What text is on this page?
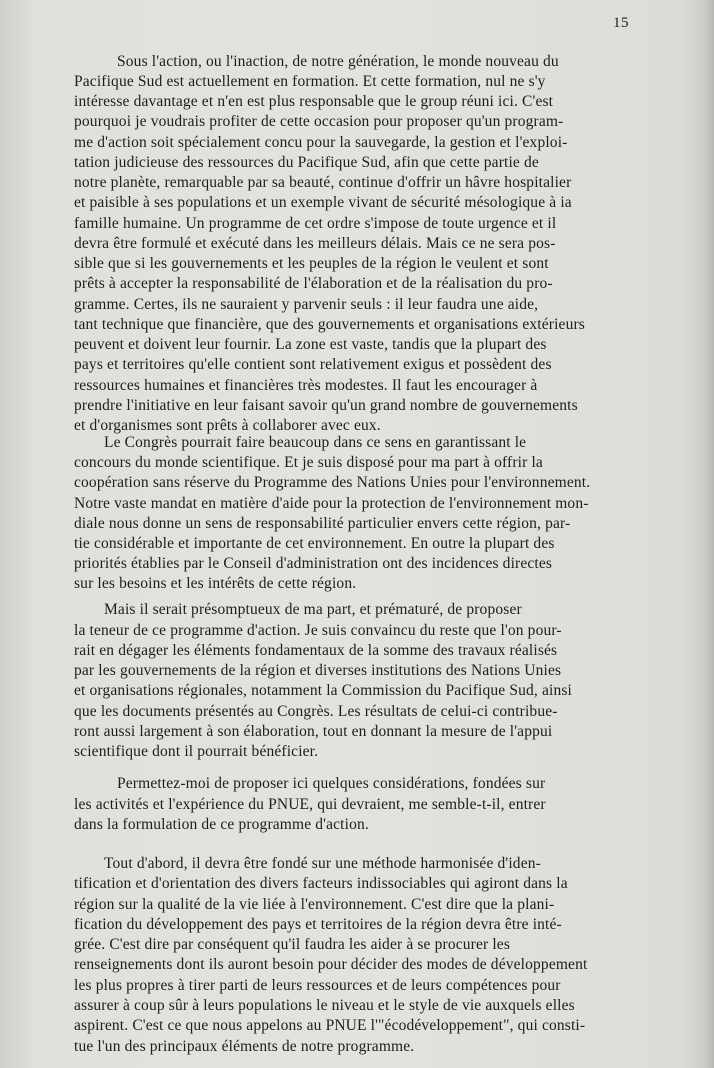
15
Sous l'action, ou l'inaction, de notre génération, le monde nouveau du
Pacifique Sud est actuellement en formation. Et cette formation, nul ne s'y
intéresse davantage et n'en est plus responsable que le group réuni ici. C'est
pourquoi je voudrais profiter de cette occasion pour proposer qu'un program-
me d'action soit spécialement concu pour la sauvegarde, la gestion et l'exploi-
tation judicieuse des ressources du Pacifique Sud, afin que cette partie de
notre planète, remarquable par sa beauté, continue d'offrir un hâvre hospitalier
et paisible à ses populations et un exemple vivant de sécurité mésologique à ia
famille humaine. Un programme de cet ordre s'impose de toute urgence et il
devra être formulé et exécuté dans les meilleurs délais. Mais ce ne sera pos-
sible que si les gouvernements et les peuples de la région le veulent et sont
prêts à accepter la responsabilité de l'élaboration et de la réalisation du pro-
gramme. Certes, ils ne sauraient y parvenir seuls : il leur faudra une aide,
tant technique que financière, que des gouvernements et organisations extérieurs
peuvent et doivent leur fournir. La zone est vaste, tandis que la plupart des
pays et territoires qu'elle contient sont relativement exigus et possèdent des
ressources humaines et financières très modestes. Il faut les encourager à
prendre l'initiative en leur faisant savoir qu'un grand nombre de gouvernements
et d'organismes sont prêts à collaborer avec eux.
Le Congrès pourrait faire beaucoup dans ce sens en garantissant le
concours du monde scientifique. Et je suis disposé pour ma part à offrir la
coopération sans réserve du Programme des Nations Unies pour l'environnement.
Notre vaste mandat en matière d'aide pour la protection de l'environnement mon-
diale nous donne un sens de responsabilité particulier envers cette région, par-
tie considérable et importante de cet environnement. En outre la plupart des
priorités établies par le Conseil d'administration ont des incidences directes
sur les besoins et les intérêts de cette région.
Mais il serait présomptueux de ma part, et prématuré, de proposer
la teneur de ce programme d'action. Je suis convaincu du reste que l'on pour-
rait en dégager les éléments fondamentaux de la somme des travaux réalisés
par les gouvernements de la région et diverses institutions des Nations Unies
et organisations régionales, notamment la Commission du Pacifique Sud, ainsi
que les documents présentés au Congrès. Les résultats de celui-ci contribue-
ront aussi largement à son élaboration, tout en donnant la mesure de l'appui
scientifique dont il pourrait bénéficier.
Permettez-moi de proposer ici quelques considérations, fondées sur
les activités et l'expérience du PNUE, qui devraient, me semble-t-il, entrer
dans la formulation de ce programme d'action.
Tout d'abord, il devra être fondé sur une méthode harmonisée d'iden-
tification et d'orientation des divers facteurs indissociables qui agiront dans la
région sur la qualité de la vie liée à l'environnement. C'est dire que la plani-
fication du développement des pays et territoires de la région devra être inté-
grée. C'est dire par conséquent qu'il faudra les aider à se procurer les
renseignements dont ils auront besoin pour décider des modes de développement
les plus propres à tirer parti de leurs ressources et de leurs compétences pour
assurer à coup sûr à leurs populations le niveau et le style de vie auxquels elles
aspirent. C'est ce que nous appelons au PNUE l'"écodéveloppement", qui consti-
tue l'un des principaux éléments de notre programme.
